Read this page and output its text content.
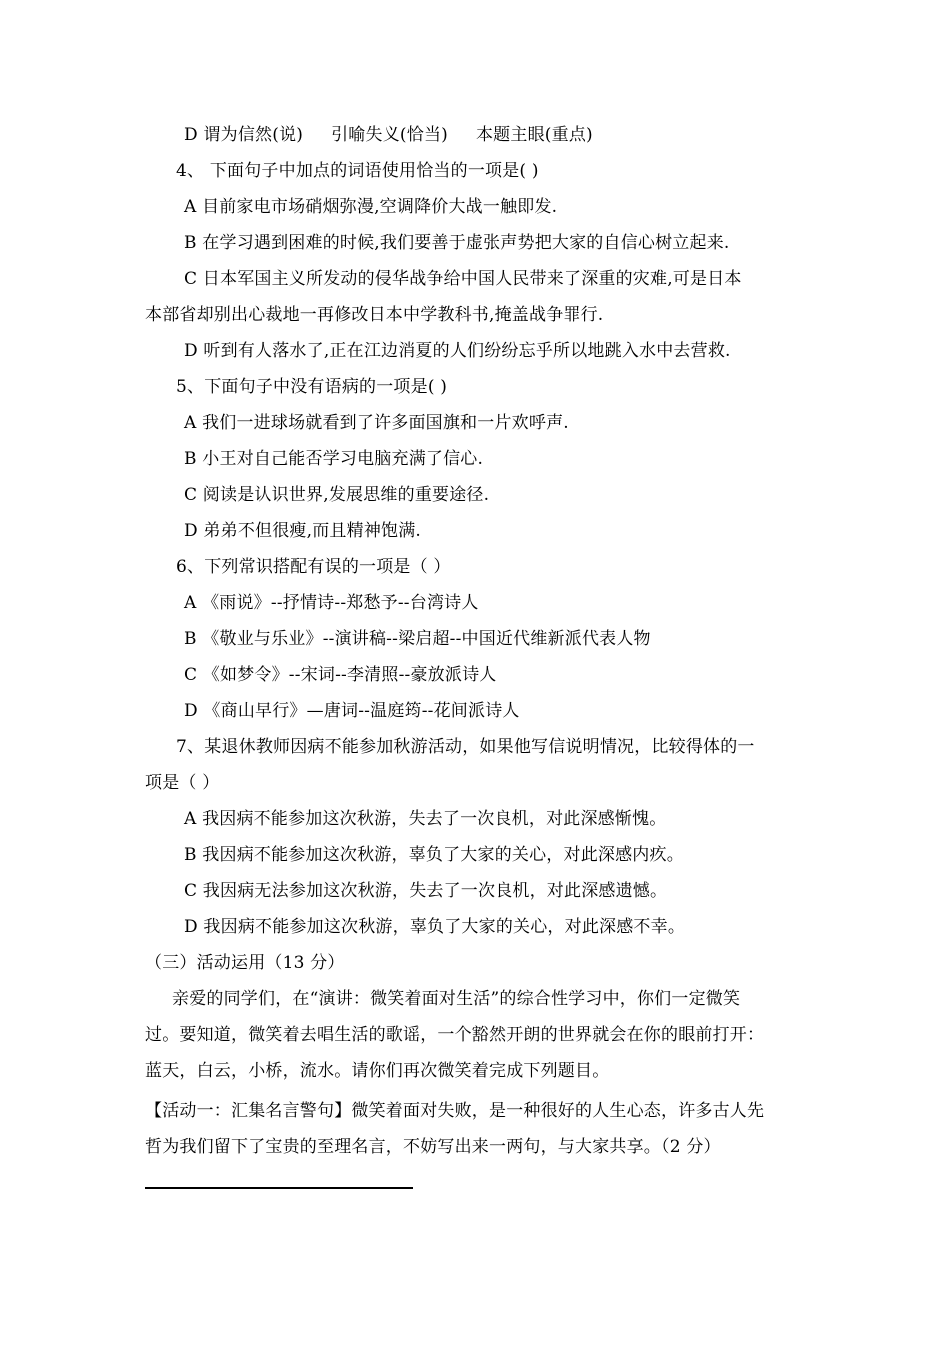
D 谓为信然(说) 引喻失义(恰当) 本题主眼(重点)
4、 下面句子中加点的词语使用恰当的一项是( )
A 目前家电市场硝烟弥漫,空调降价大战一触即发.
B 在学习遇到困难的时候,我们要善于虚张声势把大家的自信心树立起来.
C 日本军国主义所发动的侵华战争给中国人民带来了深重的灾难,可是日本
本部省却别出心裁地一再修改日本中学教科书,掩盖战争罪行.
D 听到有人落水了,正在江边消夏的人们纷纷忘乎所以地跳入水中去营救.
5、下面句子中没有语病的一项是( )
A 我们一进球场就看到了许多面国旗和一片欢呼声.
B 小王对自己能否学习电脑充满了信心.
C 阅读是认识世界,发展思维的重要途径.
D 弟弟不但很瘦,而且精神饱满.
6、下列常识搭配有误的一项是（ ）
A 《雨说》--抒情诗--郑愁予--台湾诗人
B 《敬业与乐业》--演讲稿--梁启超--中国近代维新派代表人物
C 《如梦令》--宋词--李清照--豪放派诗人
D 《商山早行》—唐词--温庭筠--花间派诗人
7、某退休教师因病不能参加秋游活动，如果他写信说明情况，比较得体的一
项是（ ）
A 我因病不能参加这次秋游，失去了一次良机，对此深感惭愧。
B 我因病不能参加这次秋游，辜负了大家的关心，对此深感内疚。
C 我因病无法参加这次秋游，失去了一次良机，对此深感遗憾。
D 我因病不能参加这次秋游，辜负了大家的关心，对此深感不幸。
（三）活动运用（13 分）
亲爱的同学们，在“演讲：微笑着面对生活”的综合性学习中，你们一定微笑
过。要知道，微笑着去唱生活的歌谣，一个豁然开朗的世界就会在你的眼前打开：
蓝天，白云，小桥，流水。请你们再次微笑着完成下列题目。
【活动一：汇集名言警句】微笑着面对失败，是一种很好的人生心态，许多古人先
哲为我们留下了宝贵的至理名言，不妨写出来一两句，与大家共享。（2 分）
